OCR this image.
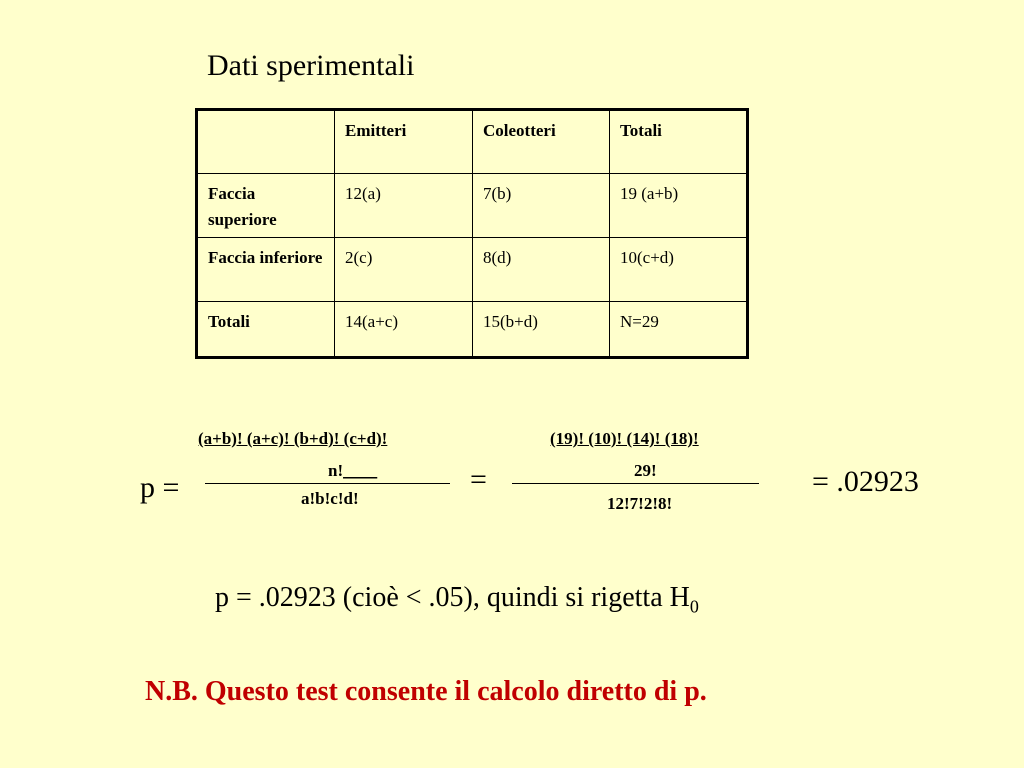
Dati sperimentali
	Emitteri	Coleotteri	Totali
Faccia superiore	12(a)	7(b)	19 (a+b)
Faccia inferiore	2(c)	8(d)	10(c+d)
Totali	14(a+c)	15(b+d)	N=29
p =
(a+b)! (a+c)! (b+d)! (c+d)!
n!____
a!b!c!d!
=
(19)! (10)! (14)! (18)!
29!
12!7!2!8!
= .02923
p = .02923 (cioè < .05), quindi si rigetta $H_0$
N.B. Questo test consente il calcolo diretto di p.
